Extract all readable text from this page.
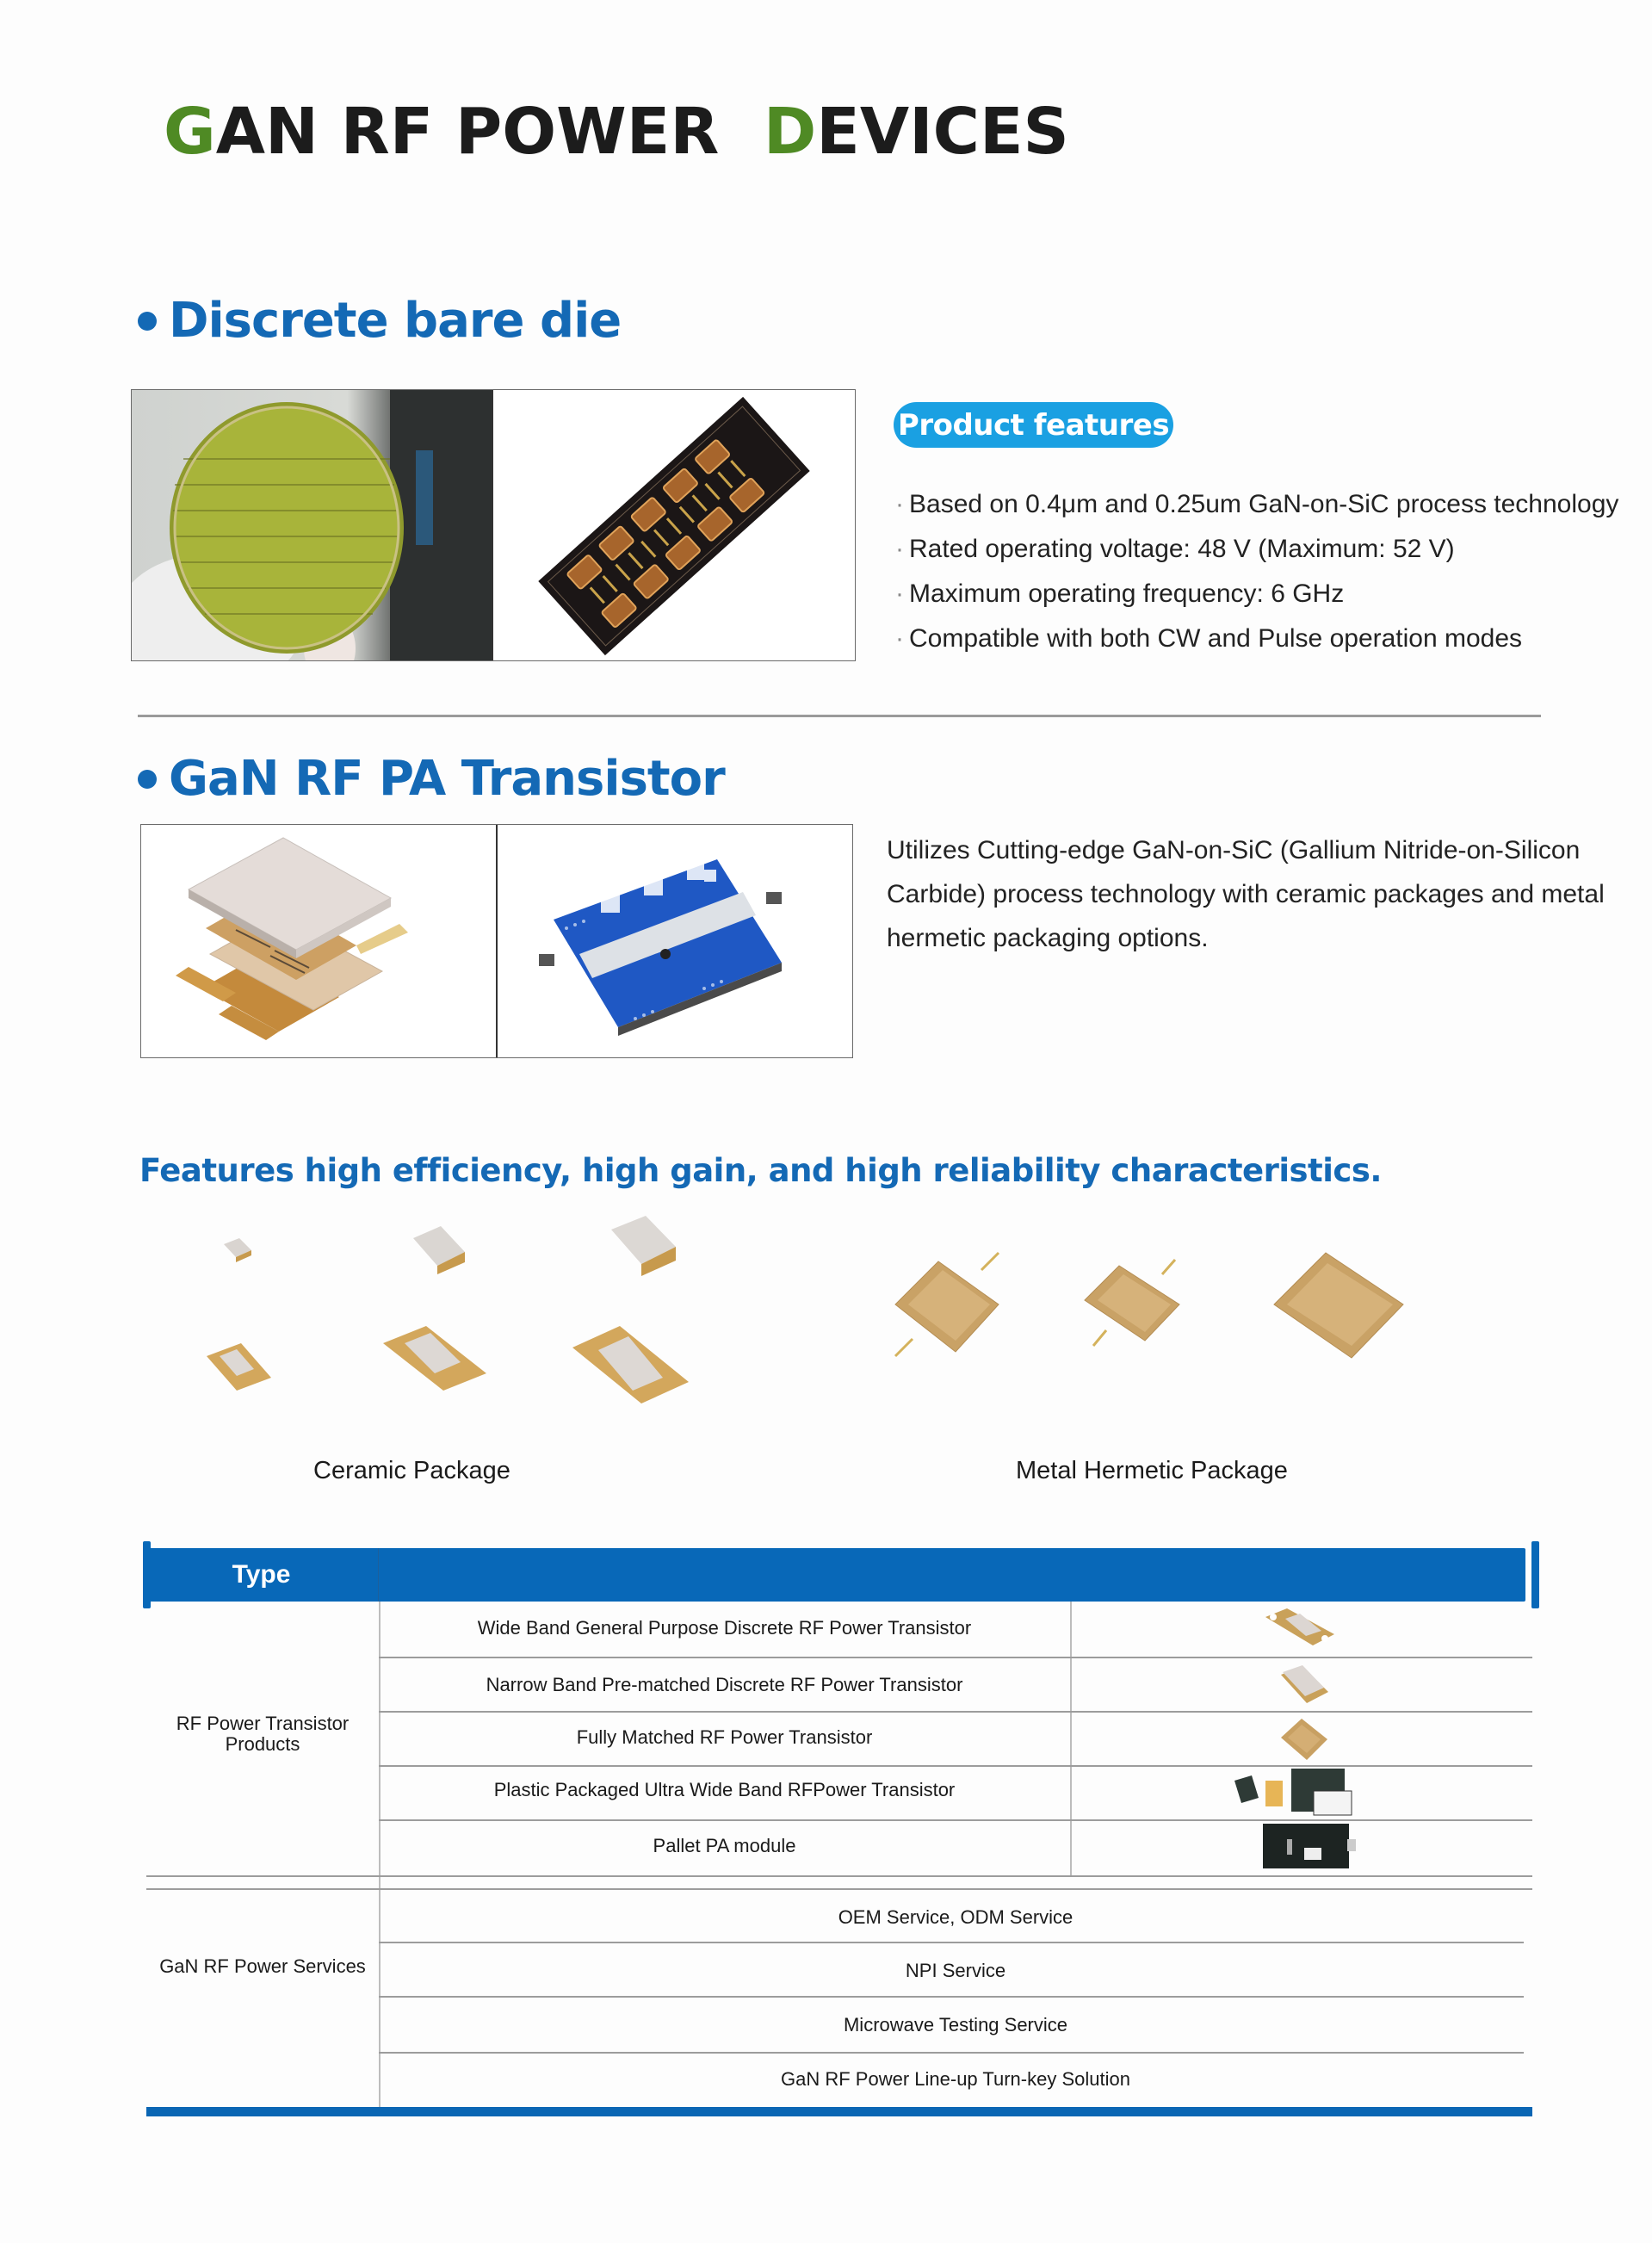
GAN RF POWER  DEVICES
Discrete bare die
Product features
· Based on 0.4μm and 0.25um GaN-on-SiC process technology
· Rated operating voltage: 48 V (Maximum: 52 V)
· Maximum operating frequency: 6 GHz
· Compatible with both CW and Pulse operation modes
GaN RF PA Transistor
Utilizes Cutting-edge GaN-on-SiC (Gallium Nitride-on-Silicon Carbide) process technology with ceramic packages and metal hermetic packaging options.
Features high efficiency, high gain, and high reliability characteristics.
Ceramic Package	Metal Hermetic Package
Type
RF Power Transistor Products
Wide Band General Purpose Discrete RF Power Transistor
Narrow Band Pre-matched Discrete RF Power Transistor
Fully Matched RF Power Transistor
Plastic Packaged Ultra Wide Band RFPower Transistor
Pallet PA module
GaN RF Power Services
OEM Service, ODM Service
NPI Service
Microwave Testing Service
GaN RF Power Line-up Turn-key Solution
